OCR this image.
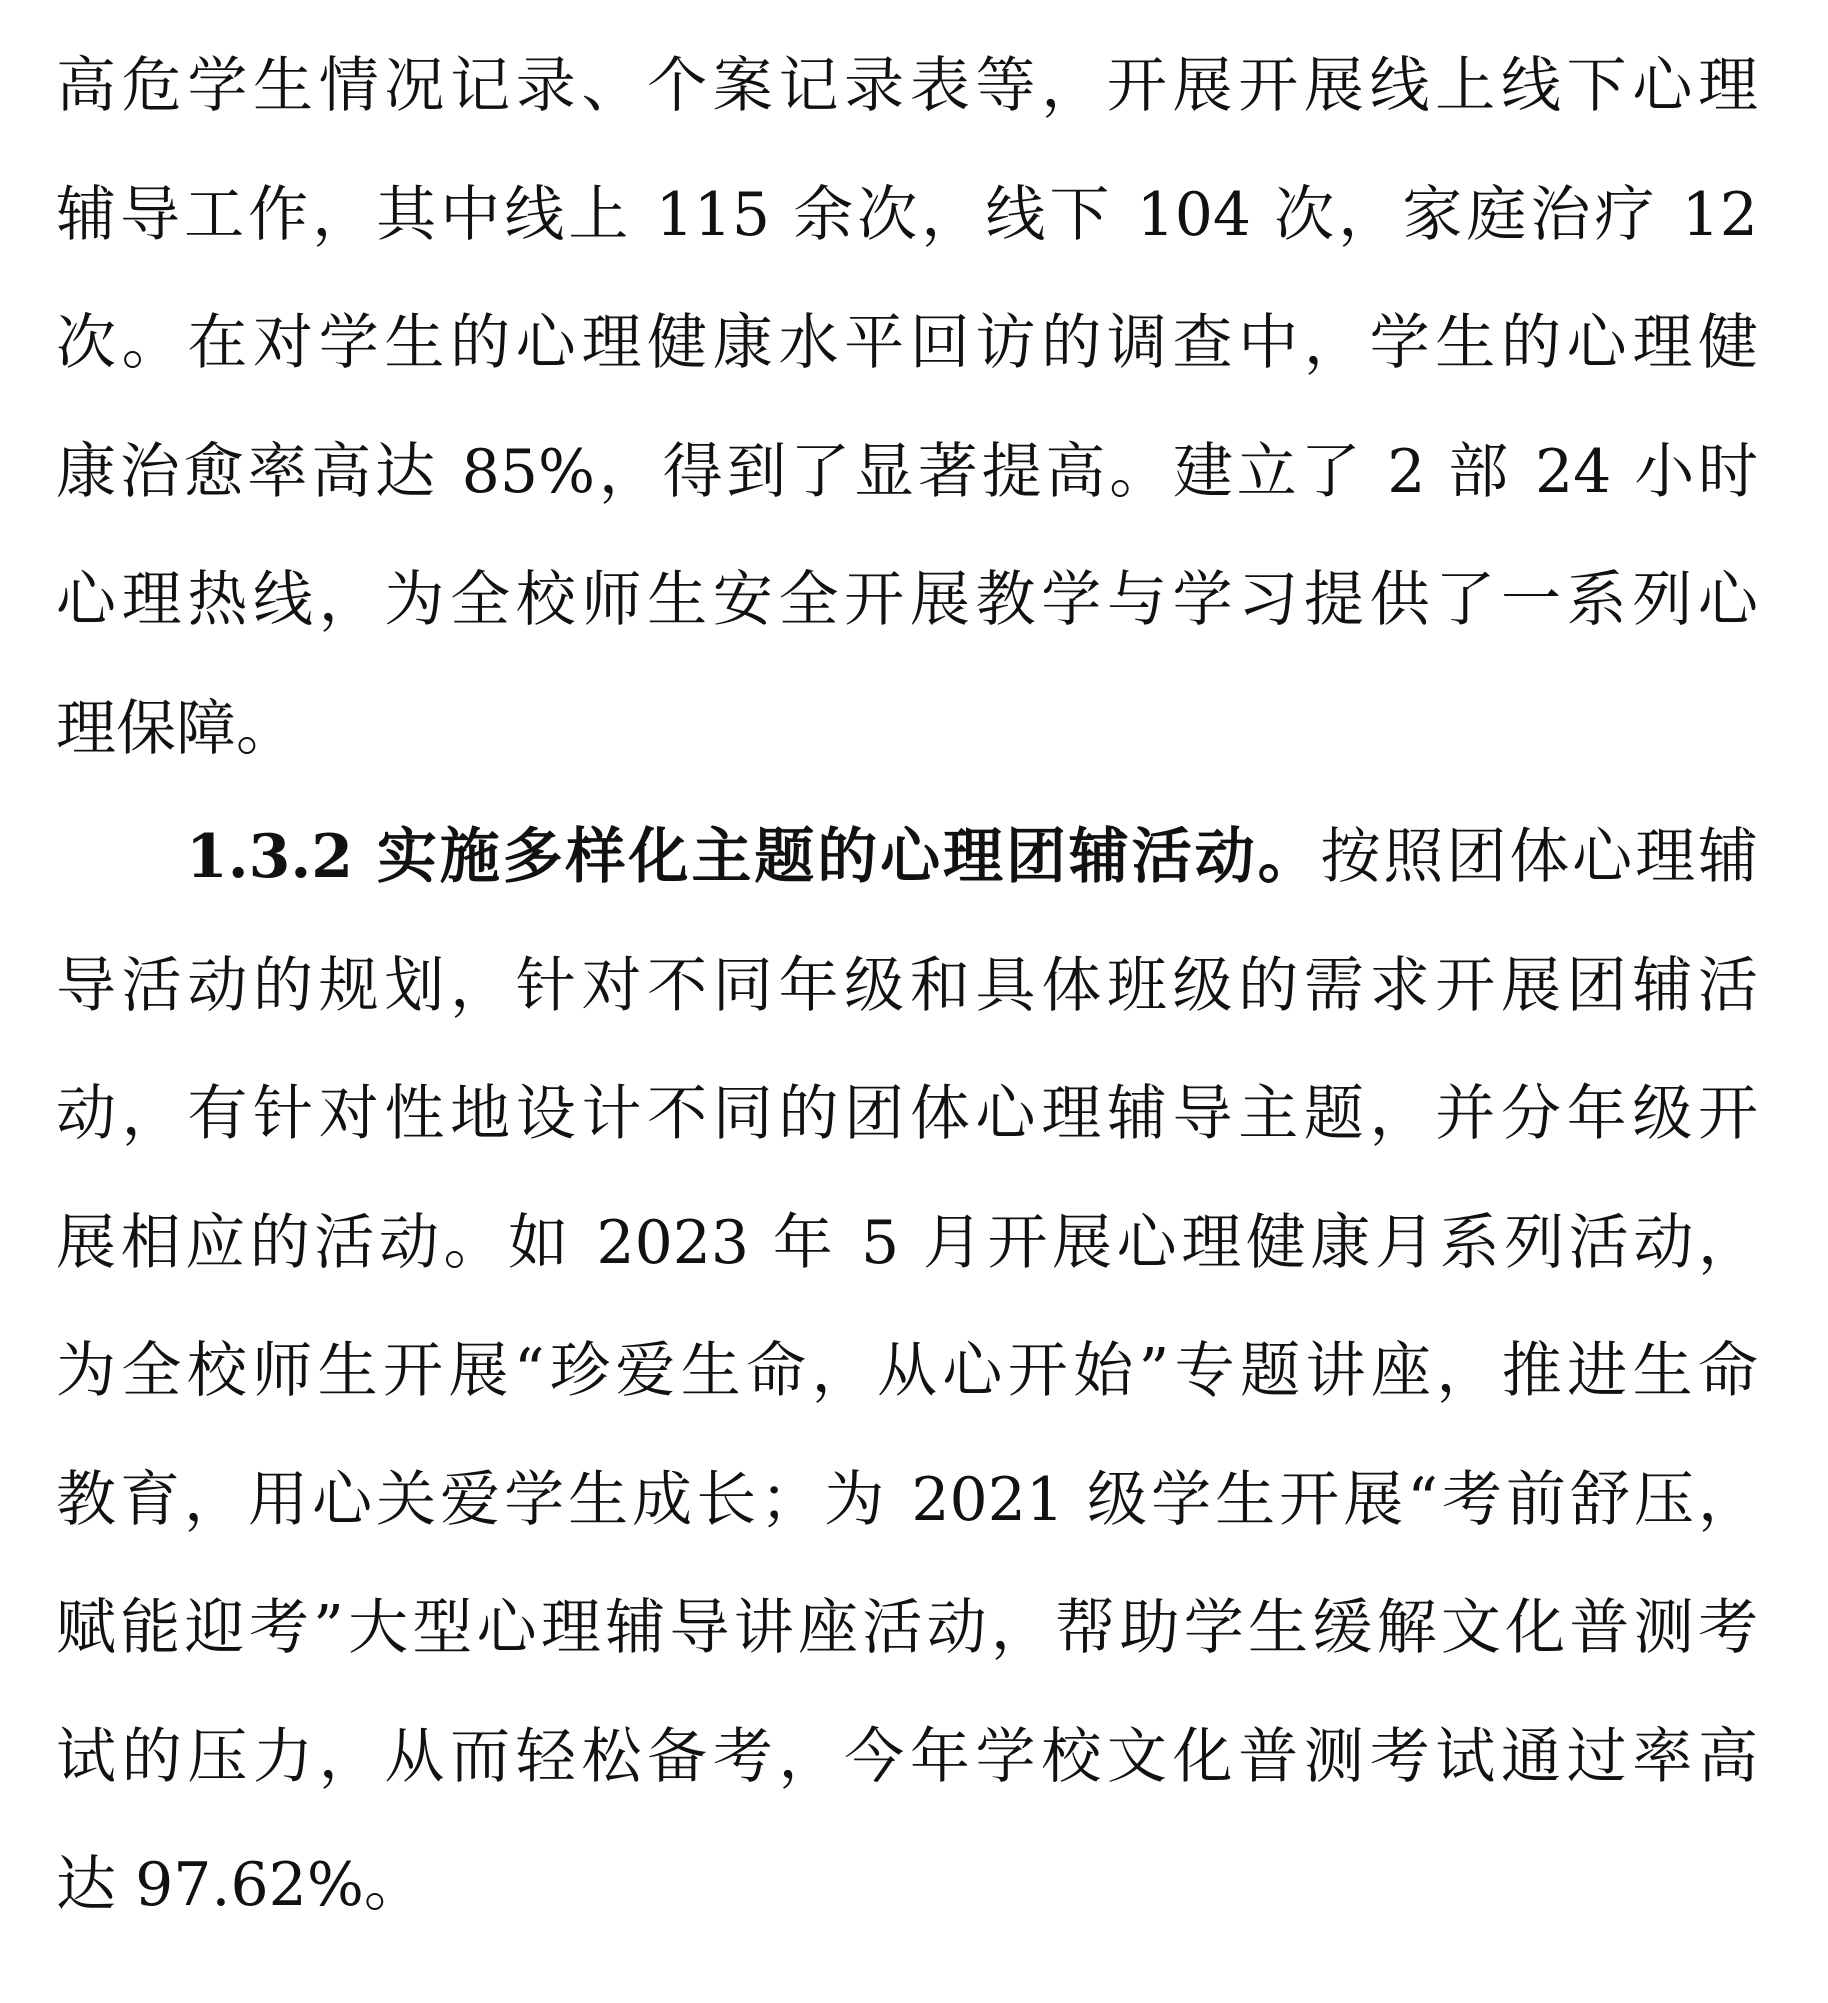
高危学生情况记录、个案记录表等，开展开展线上线下心理
辅导工作，其中线上 115 余次，线下 104 次，家庭治疗 12
次。在对学生的心理健康水平回访的调查中，学生的心理健
康治愈率高达 85%，得到了显著提高。建立了 2 部 24 小时
心理热线，为全校师生安全开展教学与学习提供了一系列心
理保障。
1.3.2 实施多样化主题的心理团辅活动。按照团体心理辅
导活动的规划，针对不同年级和具体班级的需求开展团辅活
动，有针对性地设计不同的团体心理辅导主题，并分年级开
展相应的活动。如 2023 年 5 月开展心理健康月系列活动，
为全校师生开展“珍爱生命，从心开始”专题讲座，推进生命
教育，用心关爱学生成长；为 2021 级学生开展“考前舒压，
赋能迎考”大型心理辅导讲座活动，帮助学生缓解文化普测考
试的压力，从而轻松备考，今年学校文化普测考试通过率高
达 97.62%。
